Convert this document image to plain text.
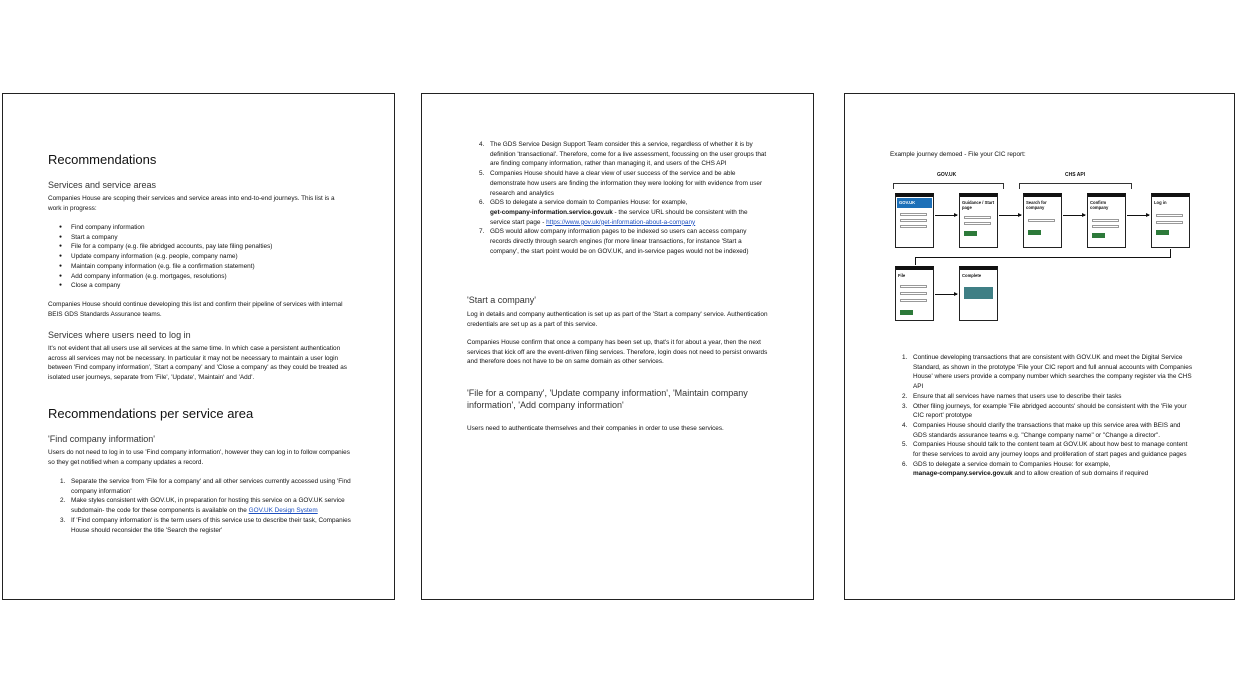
Recommendations
Services and service areas

Companies House are scoping their services and service areas into end-to-end journeys. This list is a work in progress:

● Find company information
● Start a company
● File for a company (e.g. file abridged accounts, pay late filing penalties)
● Update company information (e.g. people, company name)
● Maintain company information (e.g. file a confirmation statement)
● Add company information (e.g. mortgages, resolutions)
● Close a company

Companies House should continue developing this list and confirm their pipeline of services with internal BEIS GDS Standards Assurance teams.

Services where users need to log in

It's not evident that all users use all services at the same time. In which case a persistent authentication across all services may not be necessary. In particular it may not be necessary to maintain a user login between 'Find company information', 'Start a company' and 'Close a company' as they could be treated as isolated user journeys, separate from 'File', 'Update', 'Maintain' and 'Add'.

Recommendations per service area
'Find company information'

Users do not need to log in to use 'Find company information', however they can log in to follow companies so they get notified when a company updates a record.

Separate the service from 'File for a company' and all other services currently accessed using 'Find company information'
Make styles consistent with GOV.UK, in preparation for hosting this service on a GOV.UK service subdomain- the code for these components is available on the GOV.UK Design System
If 'Find company information' is the term users of this service use to describe their task, Companies House should reconsider the title 'Search the register'
The GDS Service Design Support Team consider this a service, regardless of whether it is by definition 'transactional'. Therefore, come for a live assessment, focussing on the user groups that are finding company information, rather than managing it, and users of the CHS API
Companies House should have a clear view of user success of the service and be able demonstrate how users are finding the information they were looking for with evidence from user research and analytics
GDS to delegate a service domain to Companies House: for example,
get-company-information.service.gov.uk - the service URL should be consistent with the service start page - https://www.gov.uk/get-information-about-a-company
GDS would allow company information pages to be indexed so users can access company records directly through search engines (for more linear transactions, for instance 'Start a company', the start point would be on GOV.UK, and in-service pages would not be indexed)
'Start a company'

Log in details and company authentication is set up as part of the 'Start a company' service. Authentication credentials are set up as a part of this service.

Companies House confirm that once a company has been set up, that's it for about a year, then the next services that kick off are the event-driven filing services. Therefore, login does not need to persist onwards and therefore does not have to be on same domain as other services.

'File for a company', 'Update company information', 'Maintain company information', 'Add company information'

Users need to authenticate themselves and their companies in order to use these services.

Example journey demoed - File your CIC report:

GOV.UK	CHS API
GOV.UK	Guidance / Start page
Search for company
Confirm company
Log in
File	Complete
Continue developing transactions that are consistent with GOV.UK and meet the Digital Service Standard, as shown in the prototype 'File your CIC report and full annual accounts with Companies House' where users provide a company number which searches the company register via the CHS API
Ensure that all services have names that users use to describe their tasks
Other filing journeys, for example 'File abridged accounts' should be consistent with the 'File your CIC report' prototype
Companies House should clarify the transactions that make up this service area with BEIS and GDS standards assurance teams e.g. "Change company name" or "Change a director".
Companies House should talk to the content team at GOV.UK about how best to manage content for these services to avoid any journey loops and proliferation of start pages and guidance pages
GDS to delegate a service domain to Companies House: for example,
manage-company.service.gov.uk and to allow creation of sub domains if required
